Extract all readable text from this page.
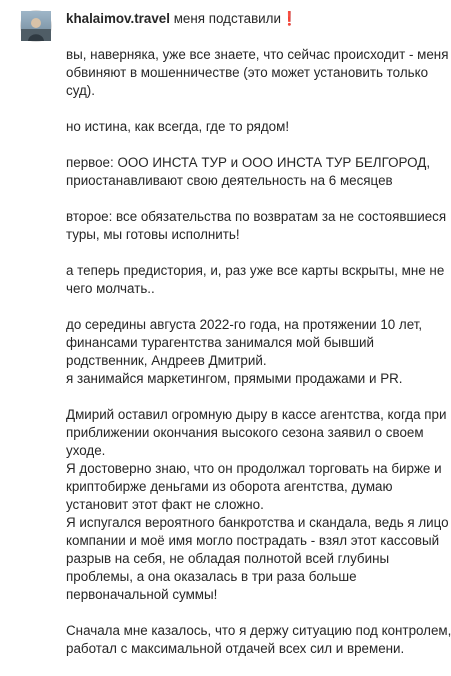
khalaimov.travel меня подставили❗️

вы, наверняка, уже все знаете, что сейчас происходит - меня
обвиняют в мошенничестве (это может установить только
суд).

но истина, как всегда, где то рядом!

первое: ООО ИНСТА ТУР и ООО ИНСТА ТУР БЕЛГОРОД,
приостанавливают свою деятельность на 6 месяцев

второе: все обязательства по возвратам за не состоявшиеся
туры, мы готовы исполнить!

а теперь предистория, и, раз уже все карты вскрыты, мне не
чего молчать..

до середины августа 2022-го года, на протяжении 10 лет,
финансами турагентства занимался мой бывший
родственник, Андреев Дмитрий.
я занимайся маркетингом, прямыми продажами и PR.

Дмирий оставил огромную дыру в кассе агентства, когда при
приближении окончания высокого сезона заявил о своем
уходе.
Я достоверно знаю, что он продолжал торговать на бирже и
криптобирже деньгами из оборота агентства, думаю
установит этот факт не сложно.
Я испугался вероятного банкротства и скандала, ведь я лицо
компании и моё имя могло пострадать - взял этот кассовый
разрыв на себя, не обладая полнотой всей глубины
проблемы, а она оказалась в три раза больше
первоначальной суммы!

Сначала мне казалось, что я держу ситуацию под контролем,
работал с максимальной отдачей всех сил и времени.
